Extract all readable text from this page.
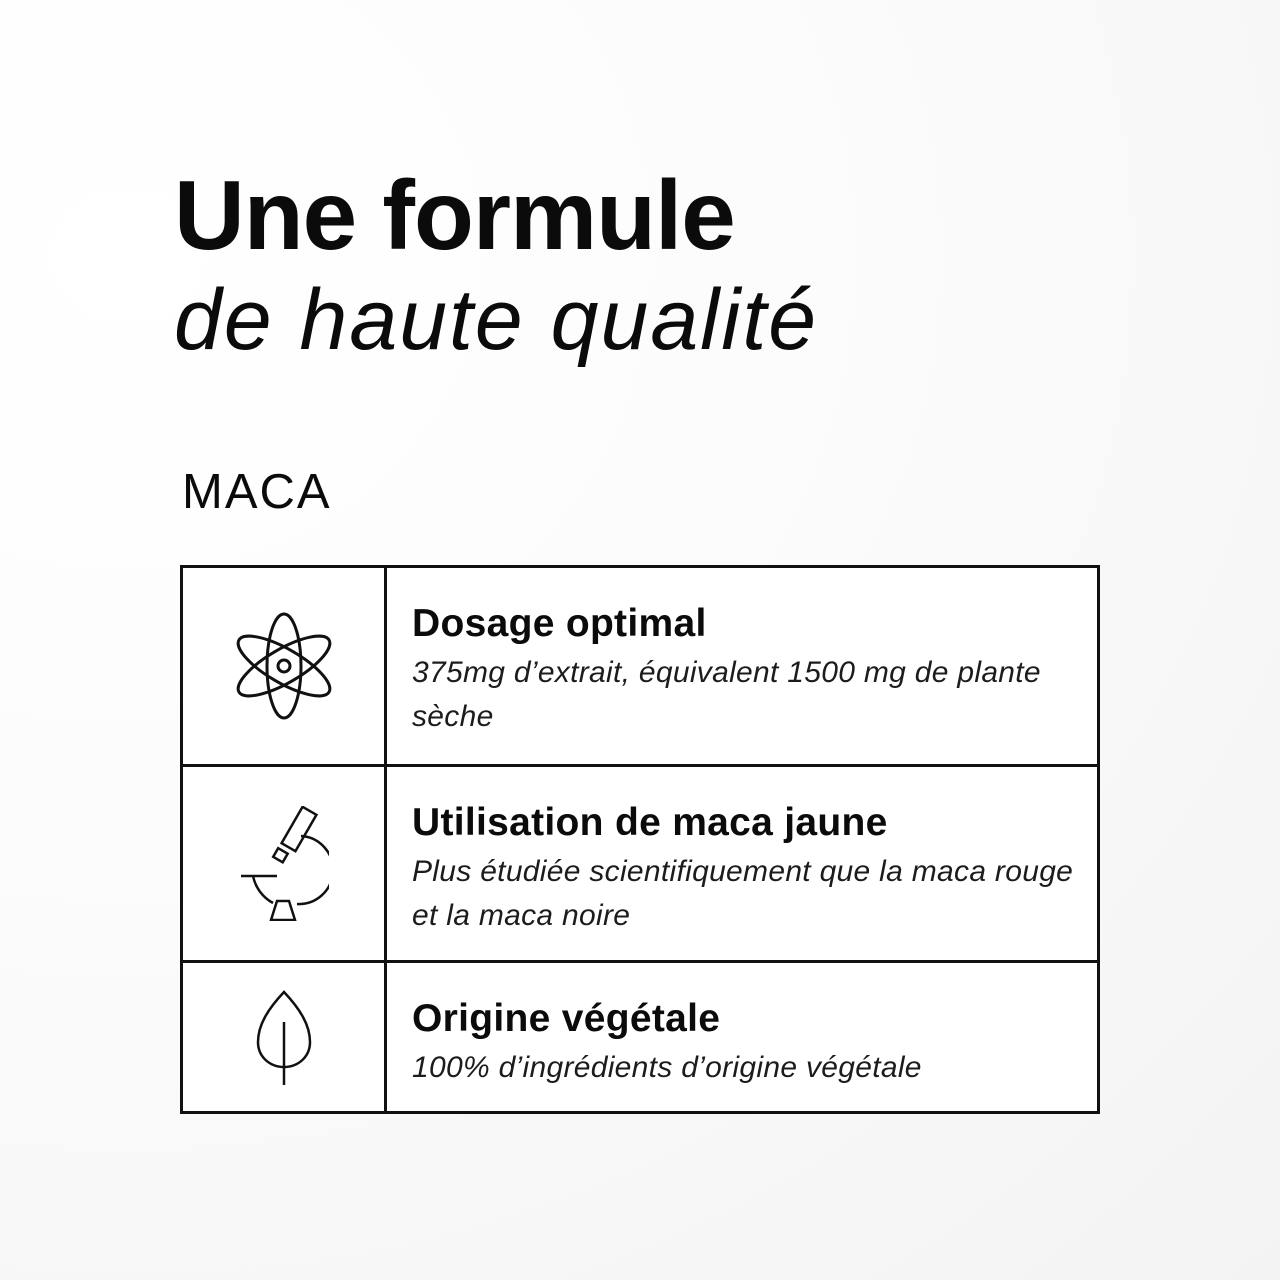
Une formule
de haute qualité
MACA

Dosage optimal

375mg d’extrait, équivalent 1500 mg de plante sèche

Utilisation de maca jaune

Plus étudiée scientifiquement que la maca rouge et la maca noire

Origine végétale

100% d’ingrédients d’origine végétale
